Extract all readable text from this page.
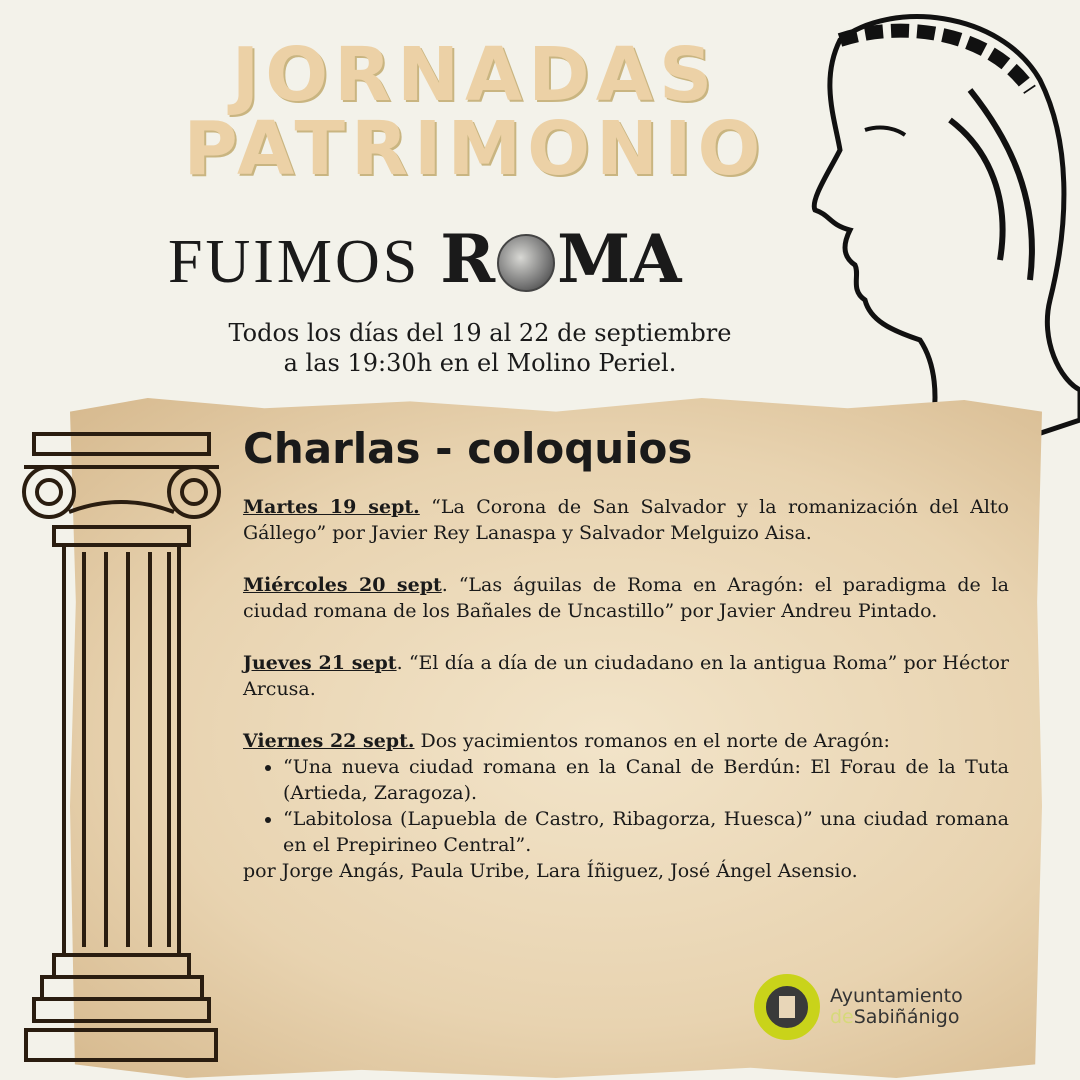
JORNADAS
PATRIMONIO
FUIMOS R MA
Todos los días del 19 al 22 de septiembre
a las 19:30h en el Molino Periel.
Charlas - coloquios

Martes 19 sept. “La Corona de San Salvador y la romanización del Alto Gállego” por Javier Rey Lanaspa y Salvador Melguizo Aisa.

Miércoles 20 sept. “Las águilas de Roma en Aragón: el paradigma de la ciudad romana de los Bañales de Uncastillo” por Javier Andreu Pintado.

Jueves 21 sept. “El día a día de un ciudadano en la antigua Roma” por Héctor Arcusa.

Viernes 22 sept. Dos yacimientos romanos en el norte de Aragón:
• “Una nueva ciudad romana en la Canal de Berdún: El Forau de la Tuta (Artieda, Zaragoza).
• “Labitolosa (Lapuebla de Castro, Ribagorza, Huesca)” una ciudad romana en el Prepirineo Central”.
por Jorge Angás, Paula Uribe, Lara Íñiguez, José Ángel Asensio.
Ayuntamiento
deSabiñánigo
